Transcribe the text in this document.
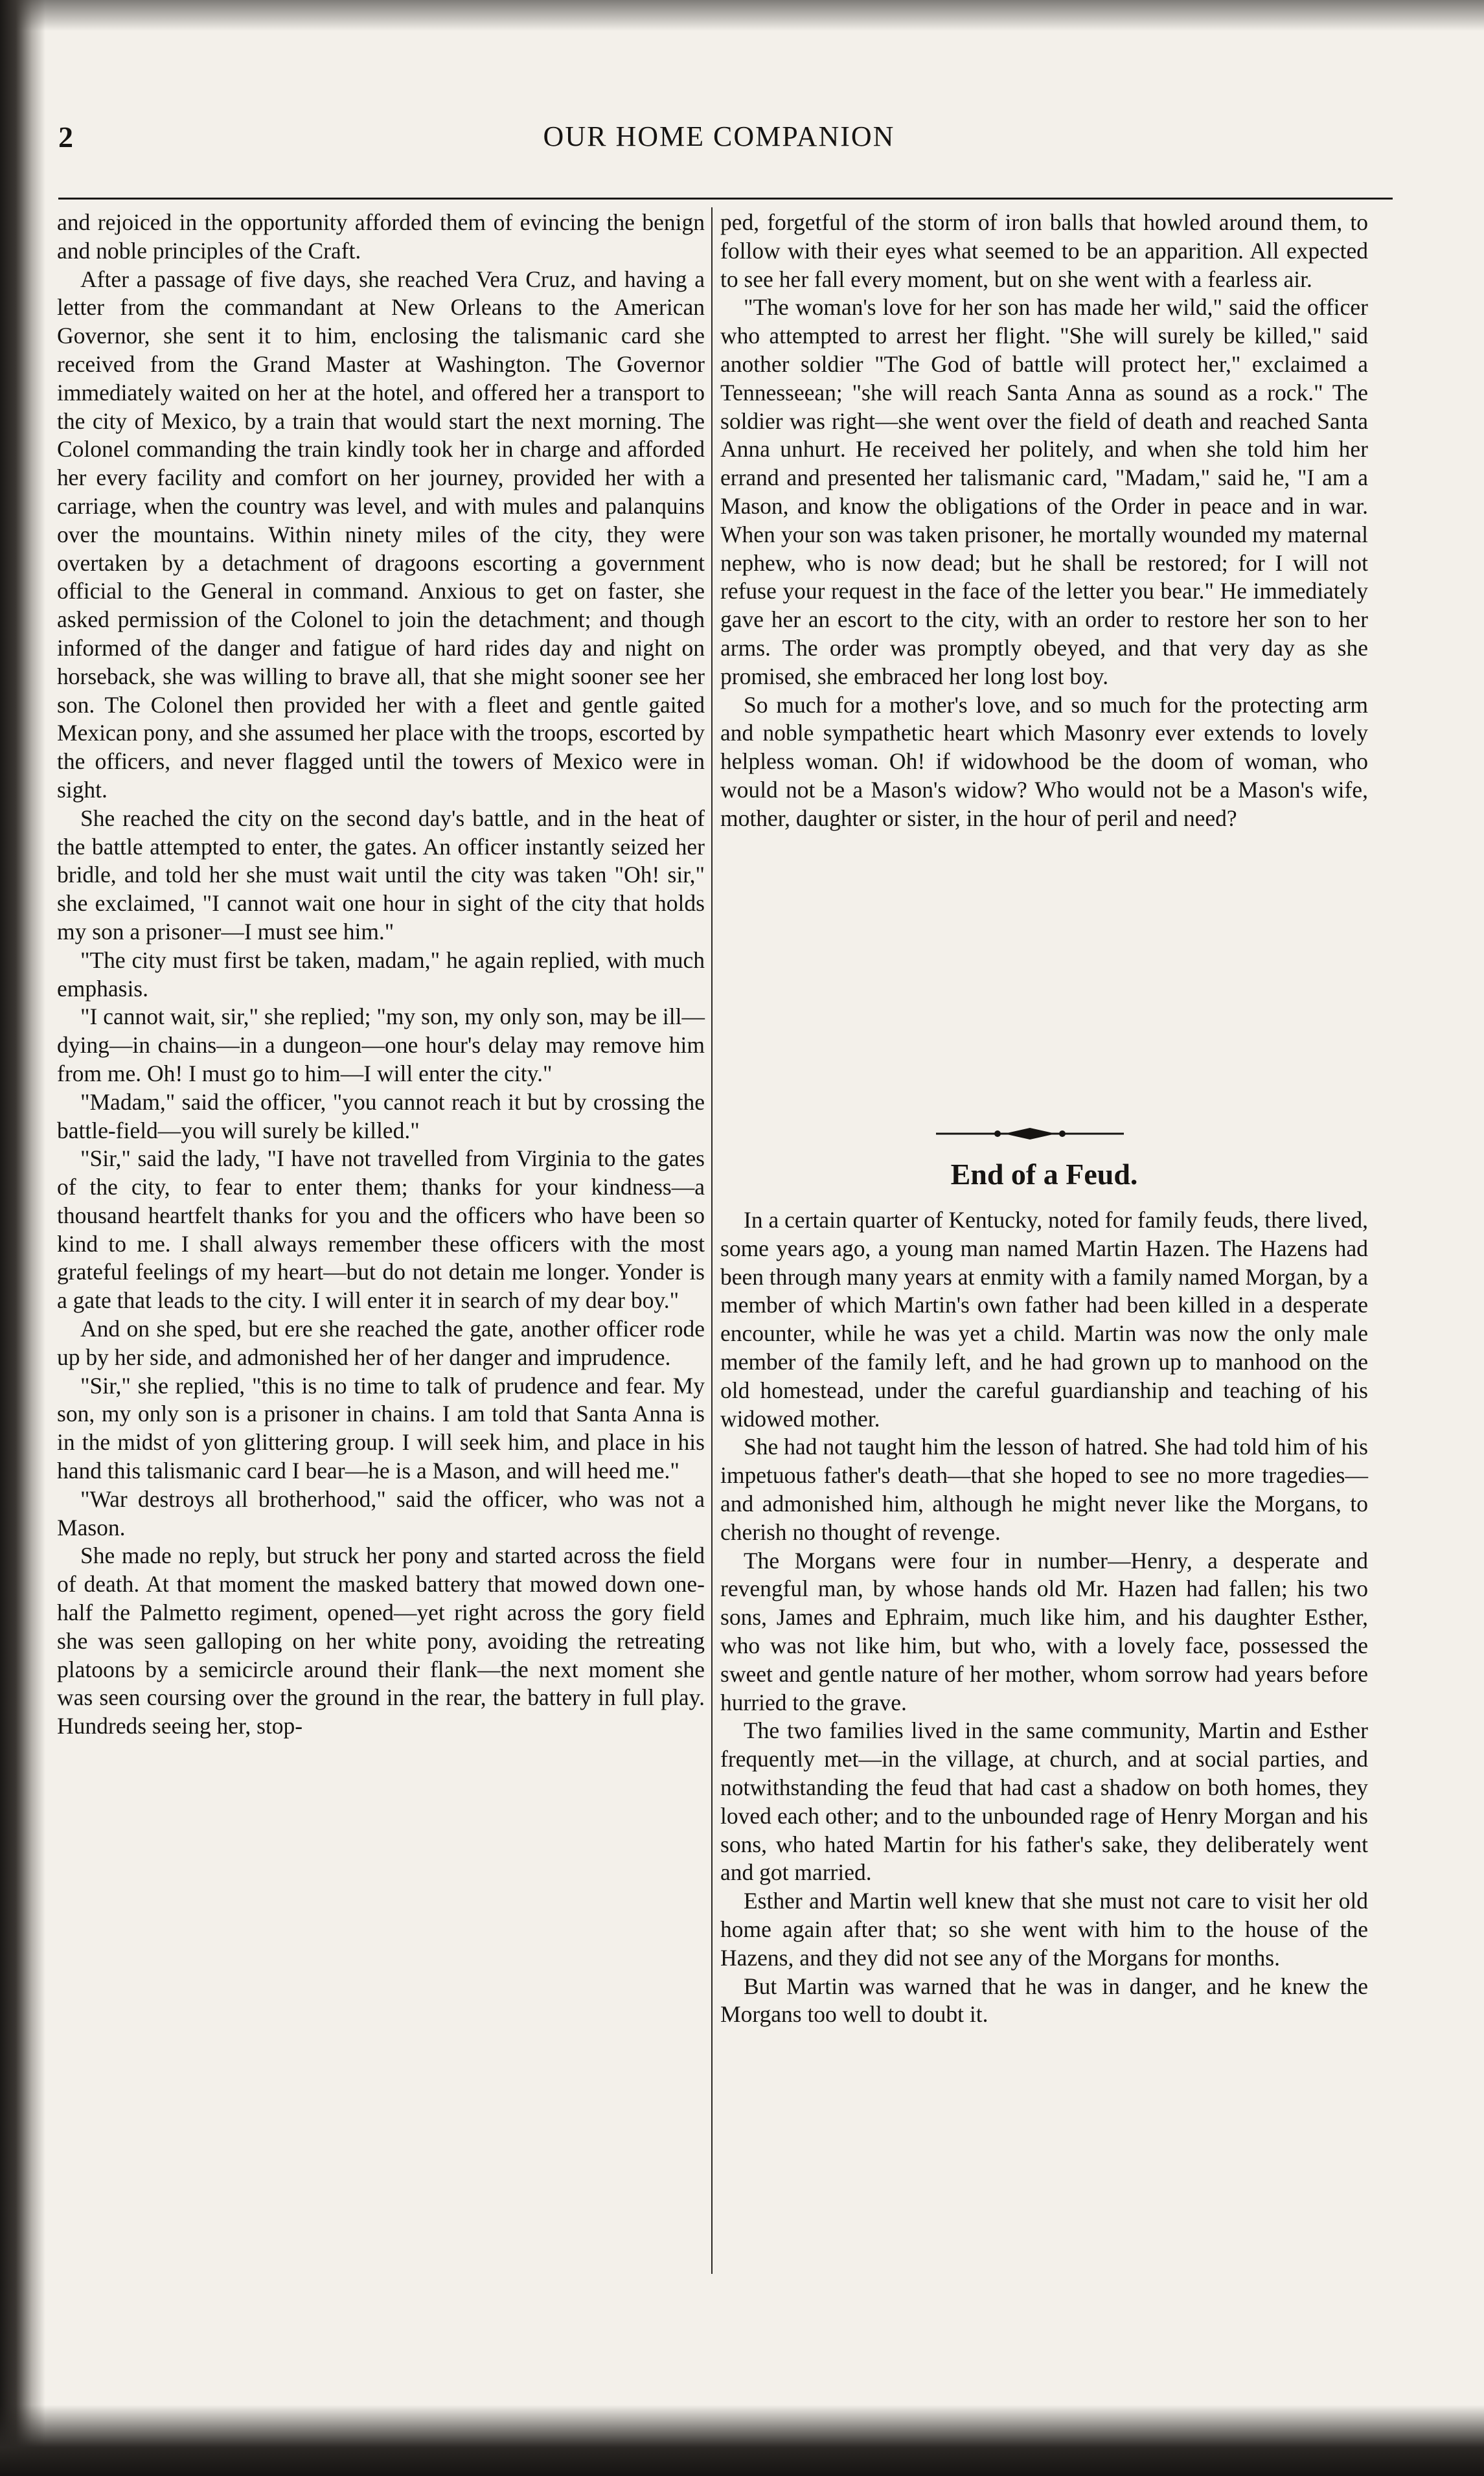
2	OUR HOME COMPANION

and rejoiced in the opportunity afforded them of evincing the benign and noble principles of the Craft.

After a passage of five days, she reached Vera Cruz, and having a letter from the commandant at New Orleans to the American Governor, she sent it to him, enclosing the talismanic card she received from the Grand Master at Washington. The Governor immediately waited on her at the hotel, and offered her a transport to the city of Mexico, by a train that would start the next morning. The Colonel commanding the train kindly took her in charge and afforded her every facility and comfort on her journey, provided her with a carriage, when the country was level, and with mules and palanquins over the mountains. Within ninety miles of the city, they were overtaken by a detachment of dragoons escorting a government official to the General in command. Anxious to get on faster, she asked permission of the Colonel to join the detachment; and though informed of the danger and fatigue of hard rides day and night on horseback, she was willing to brave all, that she might sooner see her son. The Colonel then provided her with a fleet and gentle gaited Mexican pony, and she assumed her place with the troops, escorted by the officers, and never flagged until the towers of Mexico were in sight.

She reached the city on the second day's battle, and in the heat of the battle attempted to enter, the gates. An officer instantly seized her bridle, and told her she must wait until the city was taken "Oh! sir," she exclaimed, "I cannot wait one hour in sight of the city that holds my son a prisoner—I must see him."

"The city must first be taken, madam," he again replied, with much emphasis.

"I cannot wait, sir," she replied; "my son, my only son, may be ill—dying—in chains—in a dungeon—one hour's delay may remove him from me. Oh! I must go to him—I will enter the city."

"Madam," said the officer, "you cannot reach it but by crossing the battle-field—you will surely be killed."

"Sir," said the lady, "I have not travelled from Virginia to the gates of the city, to fear to enter them; thanks for your kindness—a thousand heartfelt thanks for you and the officers who have been so kind to me. I shall always remember these officers with the most grateful feelings of my heart—but do not detain me longer. Yonder is a gate that leads to the city. I will enter it in search of my dear boy."

And on she sped, but ere she reached the gate, another officer rode up by her side, and admonished her of her danger and imprudence.

"Sir," she replied, "this is no time to talk of prudence and fear. My son, my only son is a prisoner in chains. I am told that Santa Anna is in the midst of yon glittering group. I will seek him, and place in his hand this talismanic card I bear—he is a Mason, and will heed me."

"War destroys all brotherhood," said the officer, who was not a Mason.

She made no reply, but struck her pony and started across the field of death. At that moment the masked battery that mowed down one-half the Palmetto regiment, opened—yet right across the gory field she was seen galloping on her white pony, avoiding the retreating platoons by a semicircle around their flank—the next moment she was seen coursing over the ground in the rear, the battery in full play. Hundreds seeing her, stop-

ped, forgetful of the storm of iron balls that howled around them, to follow with their eyes what seemed to be an apparition. All expected to see her fall every moment, but on she went with a fearless air.

"The woman's love for her son has made her wild," said the officer who attempted to arrest her flight. "She will surely be killed," said another soldier "The God of battle will protect her," exclaimed a Tennesseean; "she will reach Santa Anna as sound as a rock." The soldier was right—she went over the field of death and reached Santa Anna unhurt. He received her politely, and when she told him her errand and presented her talismanic card, "Madam," said he, "I am a Mason, and know the obligations of the Order in peace and in war. When your son was taken prisoner, he mortally wounded my maternal nephew, who is now dead; but he shall be restored; for I will not refuse your request in the face of the letter you bear." He immediately gave her an escort to the city, with an order to restore her son to her arms. The order was promptly obeyed, and that very day as she promised, she embraced her long lost boy.

So much for a mother's love, and so much for the protecting arm and noble sympathetic heart which Masonry ever extends to lovely helpless woman. Oh! if widowhood be the doom of woman, who would not be a Mason's widow? Who would not be a Mason's wife, mother, daughter or sister, in the hour of peril and need?

End of a Feud.

In a certain quarter of Kentucky, noted for family feuds, there lived, some years ago, a young man named Martin Hazen. The Hazens had been through many years at enmity with a family named Morgan, by a member of which Martin's own father had been killed in a desperate encounter, while he was yet a child. Martin was now the only male member of the family left, and he had grown up to manhood on the old homestead, under the careful guardianship and teaching of his widowed mother.

She had not taught him the lesson of hatred. She had told him of his impetuous father's death—that she hoped to see no more tragedies—and admonished him, although he might never like the Morgans, to cherish no thought of revenge.

The Morgans were four in number—Henry, a desperate and revengful man, by whose hands old Mr. Hazen had fallen; his two sons, James and Ephraim, much like him, and his daughter Esther, who was not like him, but who, with a lovely face, possessed the sweet and gentle nature of her mother, whom sorrow had years before hurried to the grave.

The two families lived in the same community, Martin and Esther frequently met—in the village, at church, and at social parties, and notwithstanding the feud that had cast a shadow on both homes, they loved each other; and to the unbounded rage of Henry Morgan and his sons, who hated Martin for his father's sake, they deliberately went and got married.

Esther and Martin well knew that she must not care to visit her old home again after that; so she went with him to the house of the Hazens, and they did not see any of the Morgans for months.

But Martin was warned that he was in danger, and he knew the Morgans too well to doubt it.
